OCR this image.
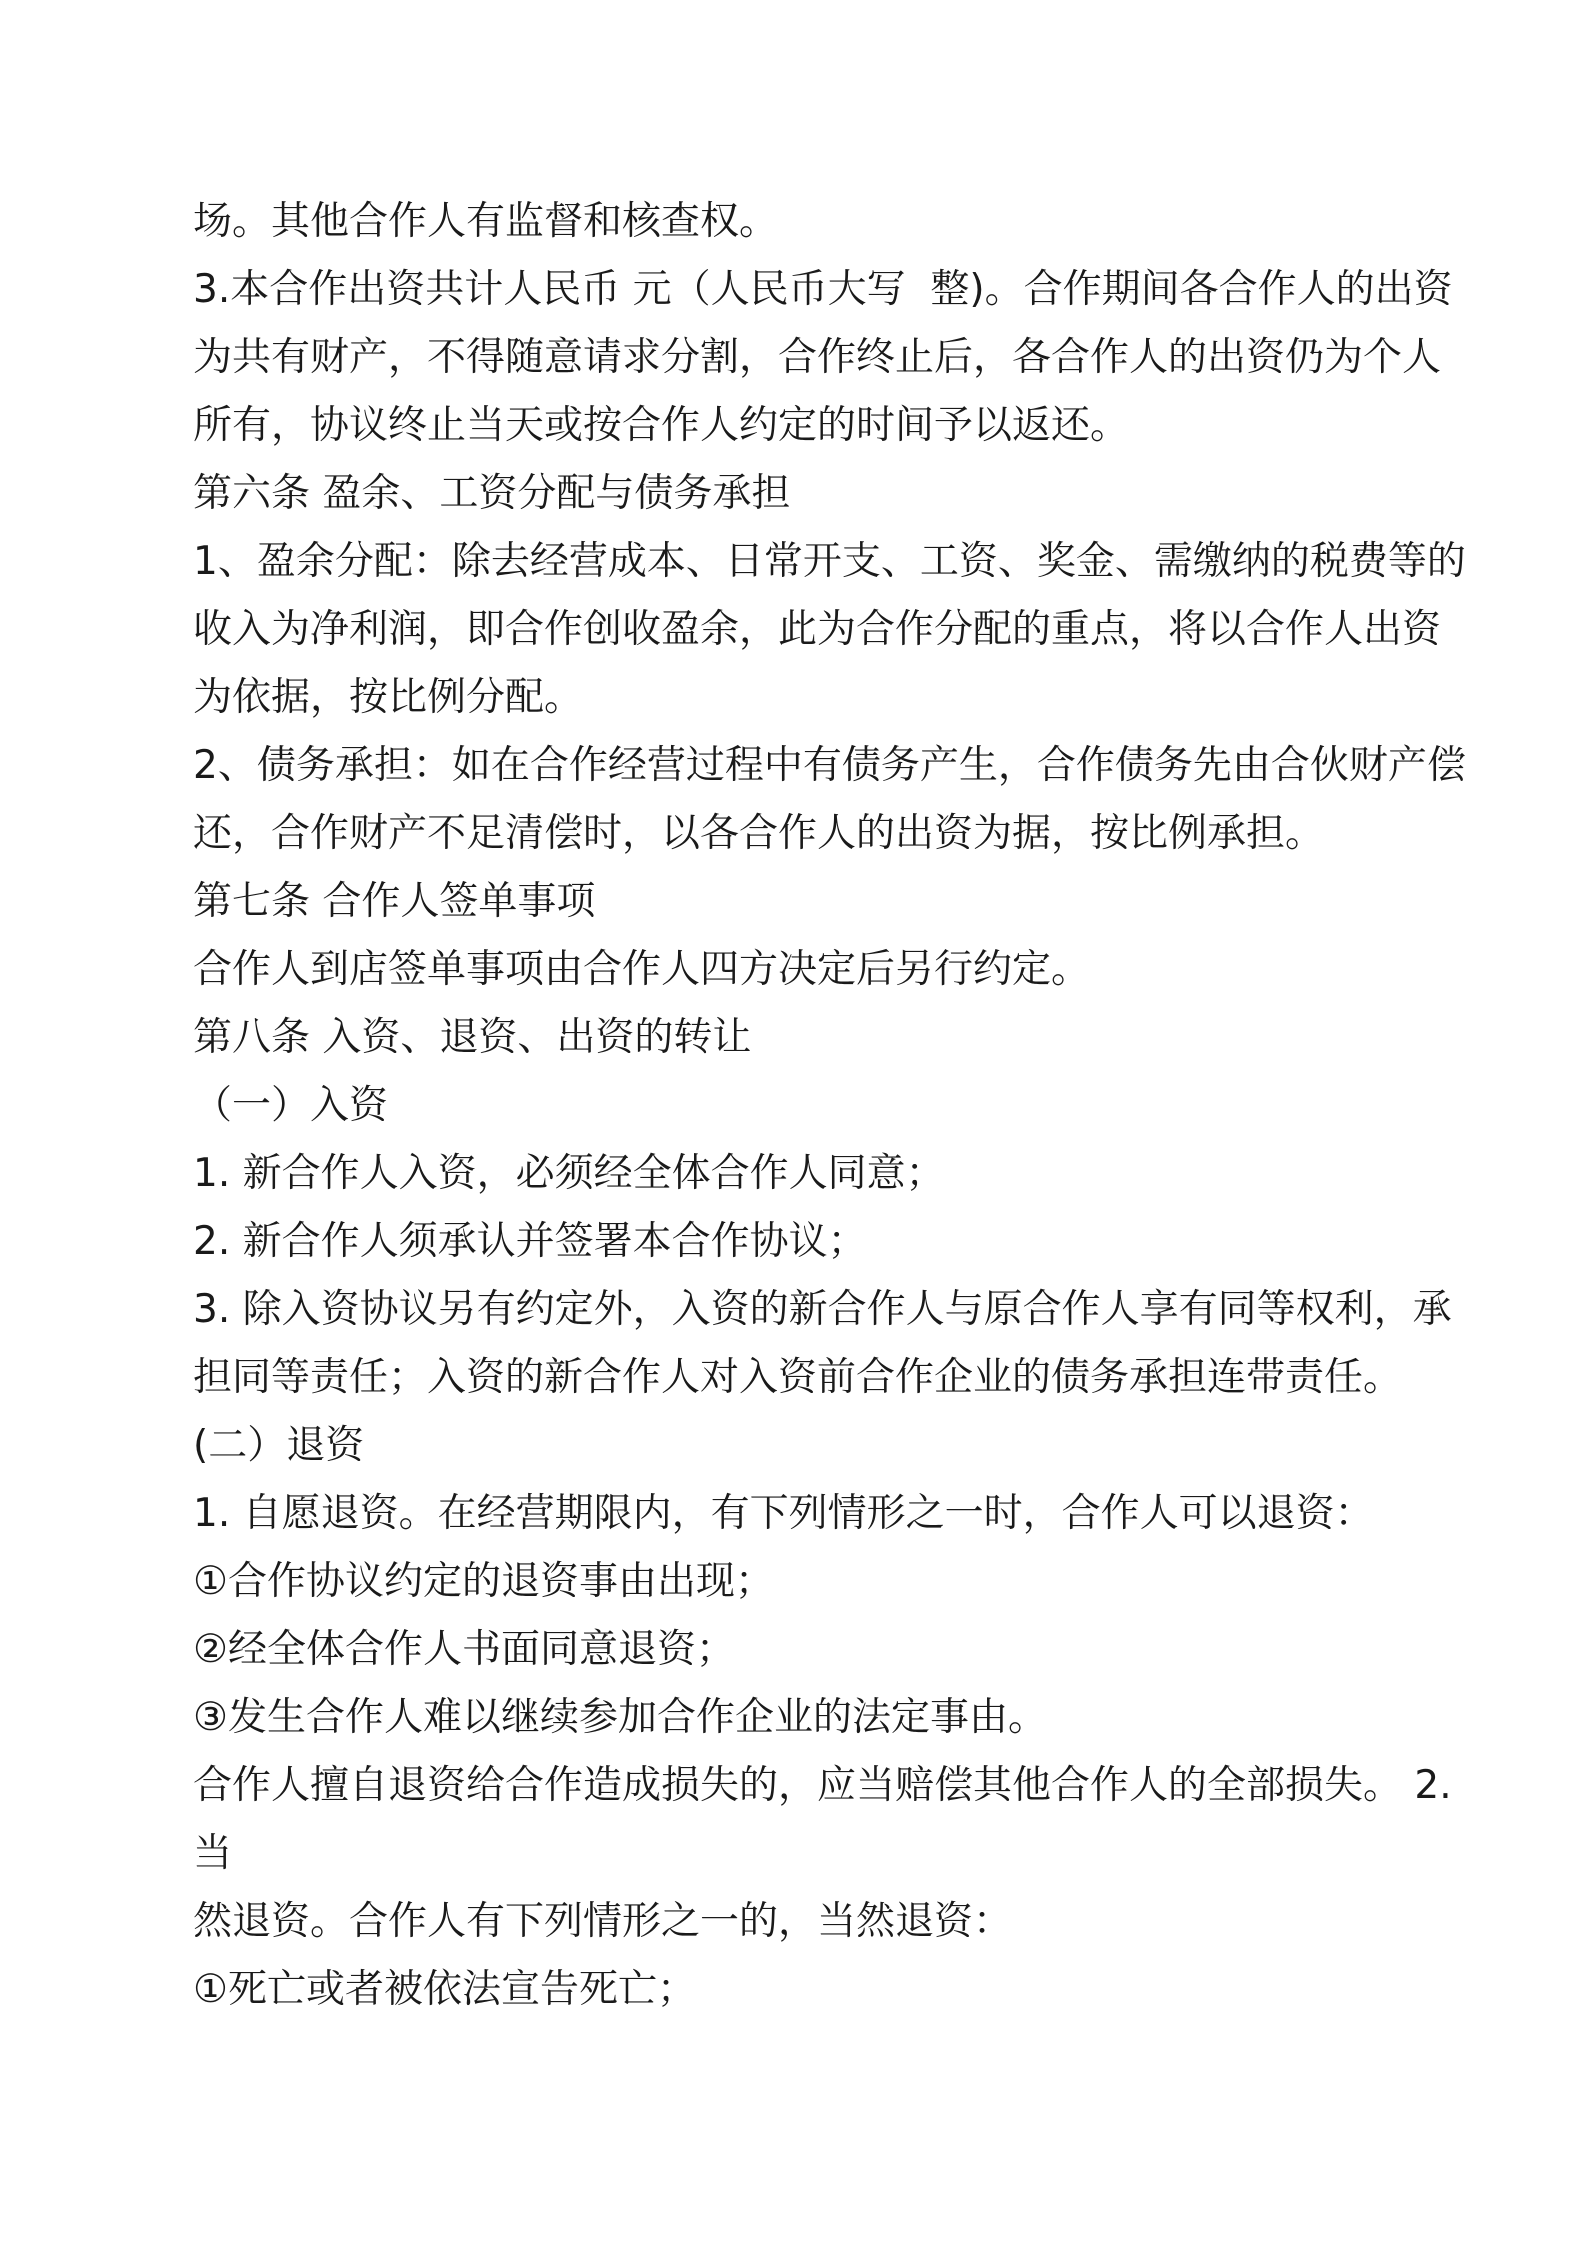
场。其他合作人有监督和核查权。
3.本合作出资共计人民币 元（人民币大写  整)。合作期间各合作人的出资
为共有财产，不得随意请求分割，合作终止后，各合作人的出资仍为个人
所有，协议终止当天或按合作人约定的时间予以返还。
第六条 盈余、工资分配与债务承担
1、盈余分配：除去经营成本、日常开支、工资、奖金、需缴纳的税费等的
收入为净利润，即合作创收盈余，此为合作分配的重点，将以合作人出资
为依据，按比例分配。
2、债务承担：如在合作经营过程中有债务产生，合作债务先由合伙财产偿
还，合作财产不足清偿时，以各合作人的出资为据，按比例承担。
第七条 合作人签单事项
合作人到店签单事项由合作人四方决定后另行约定。
第八条 入资、退资、出资的转让
（一）入资
1. 新合作人入资，必须经全体合作人同意；
2. 新合作人须承认并签署本合作协议；
3. 除入资协议另有约定外，入资的新合作人与原合作人享有同等权利，承
担同等责任；入资的新合作人对入资前合作企业的债务承担连带责任。
(二）退资
1. 自愿退资。在经营期限内，有下列情形之一时，合作人可以退资：
①合作协议约定的退资事由出现；
②经全体合作人书面同意退资；
③发生合作人难以继续参加合作企业的法定事由。
合作人擅自退资给合作造成损失的，应当赔偿其他合作人的全部损失。 2.
当
然退资。合作人有下列情形之一的，当然退资：
①死亡或者被依法宣告死亡；
